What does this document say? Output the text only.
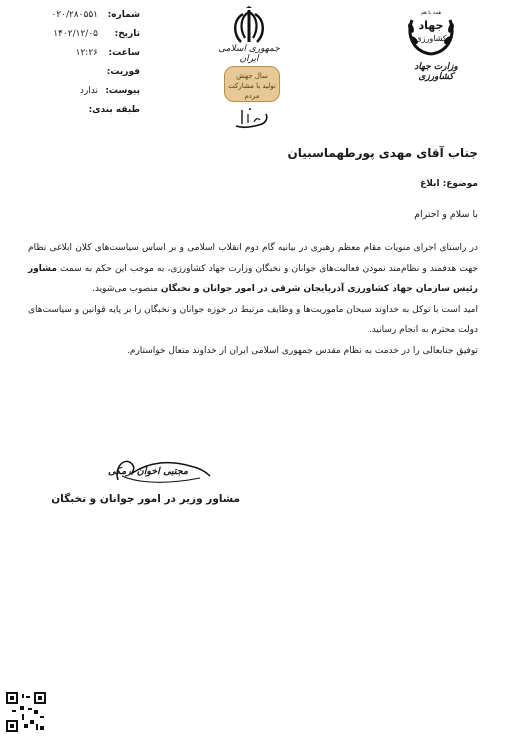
شماره:
۰۲۰/۲۸۰۵۵۱
تاریخ:
۱۴۰۲/۱۲/۰۵
ساعت:
۱۲:۲۶
فوریت:
پیوست:
ندارد
طبقه بندی:
جمهوری اسلامی ایران
سال جهش
تولید با مشارکت مردم
همه با هم
جهاد
کشاورزی
وزارت جهاد کشاورزی
جناب آقای مهدی پورطهماسبیان
موضوع: ابلاغ
با سلام و احترام

در راستای اجرای منویات مقام معظم رهبری در بیانیه گام دوم انقلاب اسلامی و بر اساس سیاست‌های کلان ابلاغی نظام جهت هدفمند و نظام‌مند نمودن فعالیت‌های جوانان و نخبگان وزارت جهاد کشاورزی، به موجب این حکم به سمت مشاور رئیس سازمان جهاد کشاورزی آذربایجان شرقی در امور جوانان و نخبگان منصوب می‌شوید.

امید است با توکل به خداوند سبحان ماموریت‌ها و وظایف مرتبط در حوزه جوانان و نخبگان را بر پایه قوانین و سیاست‌های دولت محترم به انجام رسانید.

توفیق جنابعالی را در خدمت به نظام مقدس جمهوری اسلامی ایران از خداوند متعال خواستارم.

مجتبی اخوان ارمکی
مشاور وزیر در امور جوانان و نخبگان
